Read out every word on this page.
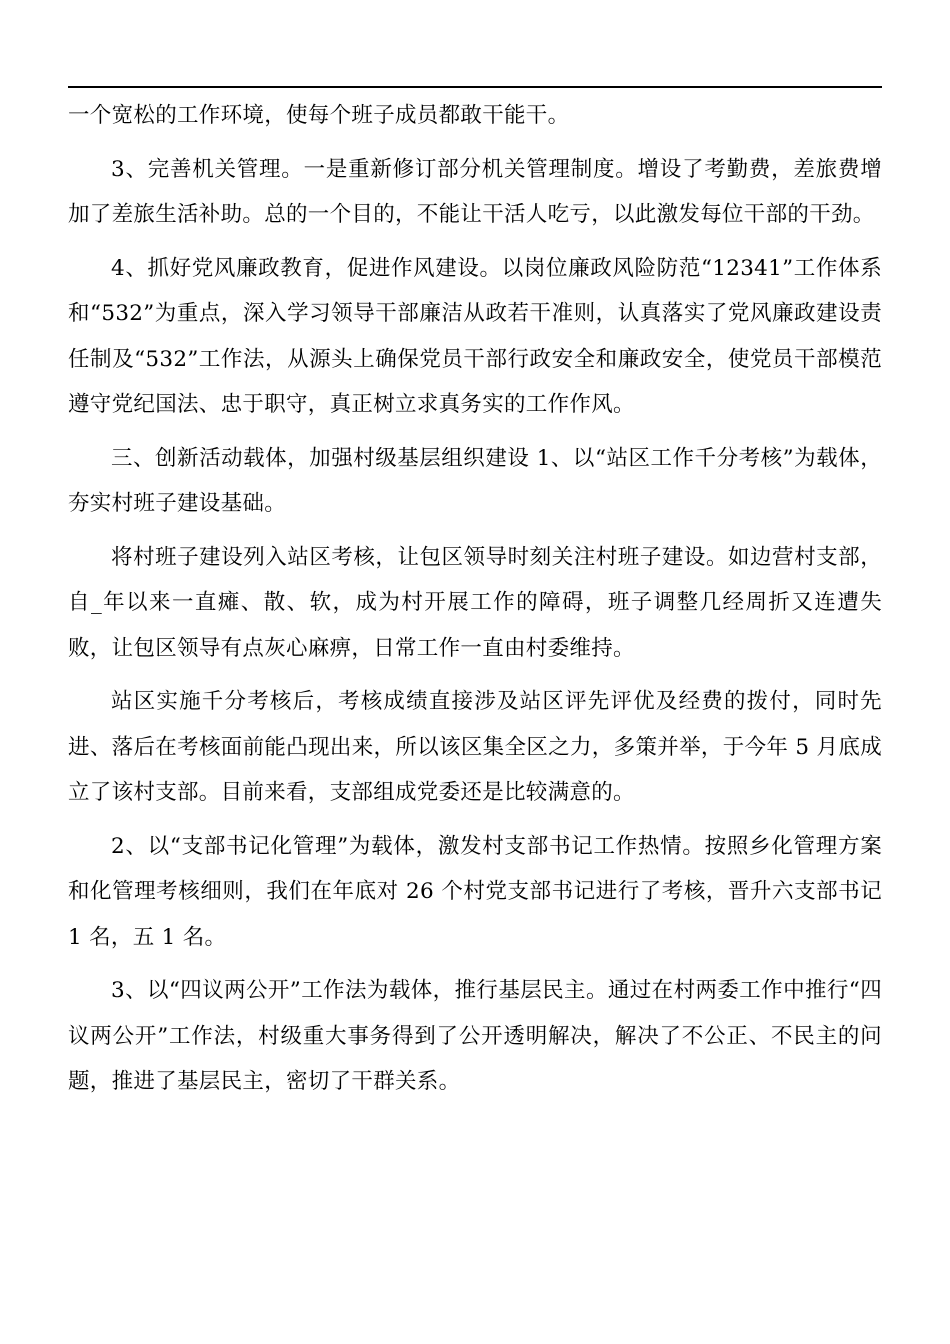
一个宽松的工作环境，使每个班子成员都敢干能干。

3、完善机关管理。一是重新修订部分机关管理制度。增设了考勤费，差旅费增加了差旅生活补助。总的一个目的，不能让干活人吃亏，以此激发每位干部的干劲。

4、抓好党风廉政教育，促进作风建设。以岗位廉政风险防范“12341”工作体系和“532”为重点，深入学习领导干部廉洁从政若干准则，认真落实了党风廉政建设责任制及“532”工作法，从源头上确保党员干部行政安全和廉政安全，使党员干部模范遵守党纪国法、忠于职守，真正树立求真务实的工作作风。

三、创新活动载体，加强村级基层组织建设 1、以“站区工作千分考核”为载体，夯实村班子建设基础。

将村班子建设列入站区考核，让包区领导时刻关注村班子建设。如边营村支部，自_年以来一直瘫、散、软，成为村开展工作的障碍，班子调整几经周折又连遭失败，让包区领导有点灰心麻痹，日常工作一直由村委维持。

站区实施千分考核后，考核成绩直接涉及站区评先评优及经费的拨付，同时先进、落后在考核面前能凸现出来，所以该区集全区之力，多策并举，于今年 5 月底成立了该村支部。目前来看，支部组成党委还是比较满意的。

2、以“支部书记化管理”为载体，激发村支部书记工作热情。按照乡化管理方案和化管理考核细则，我们在年底对 26 个村党支部书记进行了考核，晋升六支部书记 1 名，五 1 名。

3、以“四议两公开”工作法为载体，推行基层民主。通过在村两委工作中推行“四议两公开”工作法，村级重大事务得到了公开透明解决，解决了不公正、不民主的问题，推进了基层民主，密切了干群关系。
